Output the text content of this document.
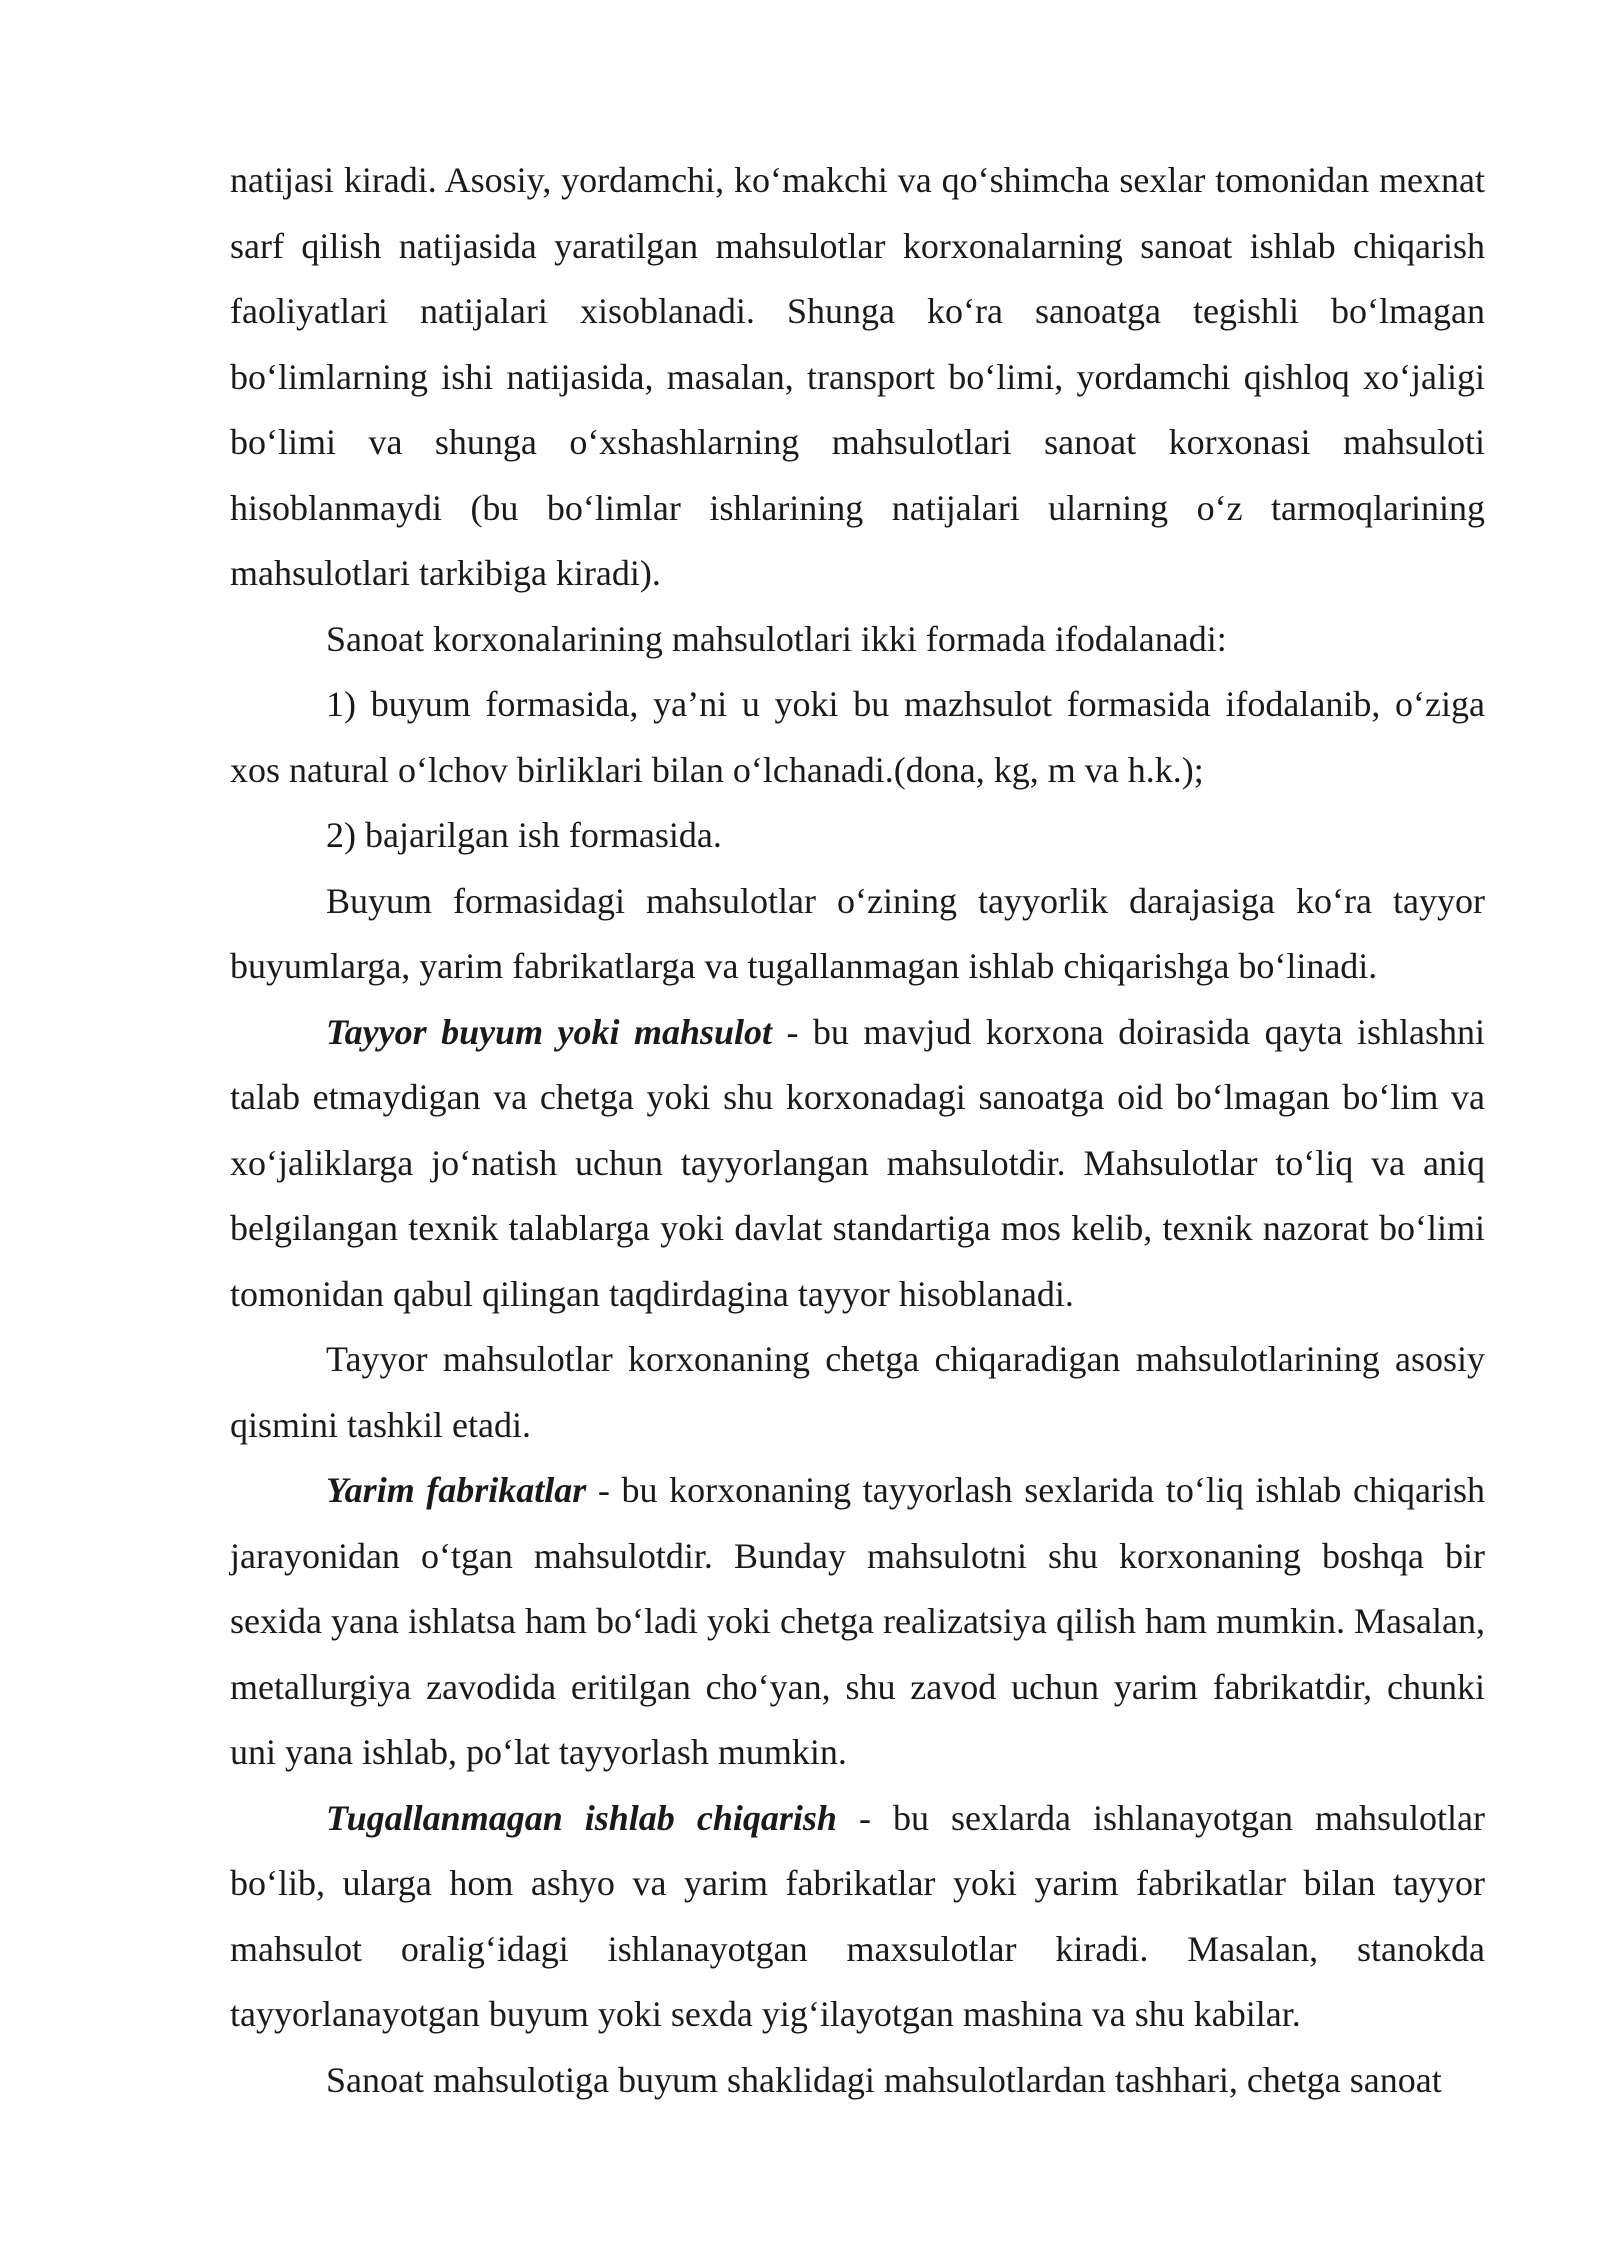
natijasi kiradi. Asosiy, yordamchi, ko‘makchi va qo‘shimcha sexlar tomonidan mexnat sarf qilish natijasida yaratilgan mahsulotlar korxonalarning sanoat ishlab chiqarish faoliyatlari natijalari xisoblanadi. Shunga ko‘ra sanoatga tegishli bo‘lmagan bo‘limlarning ishi natijasida, masalan, transport bo‘limi, yordamchi qishloq xo‘jaligi bo‘limi va shunga o‘xshashlarning mahsulotlari sanoat korxonasi mahsuloti hisoblanmaydi (bu bo‘limlar ishlarining natijalari ularning o‘z tarmoqlarining mahsulotlari tarkibiga kiradi).

Sanoat korxonalarining mahsulotlari ikki formada ifodalanadi:

1) buyum formasida, ya’ni u yoki bu mazhsulot formasida ifodalanib, o‘ziga xos natural o‘lchov birliklari bilan o‘lchanadi.(dona, kg, m va h.k.);

2) bajarilgan ish formasida.

Buyum formasidagi mahsulotlar o‘zining tayyorlik darajasiga ko‘ra tayyor buyumlarga, yarim fabrikatlarga va tugallanmagan ishlab chiqarishga bo‘linadi.

Tayyor buyum yoki mahsulot - bu mavjud korxona doirasida qayta ishlashni talab etmaydigan va chetga yoki shu korxonadagi sanoatga oid bo‘lmagan bo‘lim va xo‘jaliklarga jo‘natish uchun tayyorlangan mahsulotdir. Mahsulotlar to‘liq va aniq belgilangan texnik talablarga yoki davlat standartiga mos kelib, texnik nazorat bo‘limi tomonidan qabul qilingan taqdirdagina tayyor hisoblanadi.

Tayyor mahsulotlar korxonaning chetga chiqaradigan mahsulotlarining asosiy qismini tashkil etadi.

Yarim fabrikatlar - bu korxonaning tayyorlash sexlarida to‘liq ishlab chiqarish jarayonidan o‘tgan mahsulotdir. Bunday mahsulotni shu korxonaning boshqa bir sexida yana ishlatsa ham bo‘ladi yoki chetga realizatsiya qilish ham mumkin. Masalan, metallurgiya zavodida eritilgan cho‘yan, shu zavod uchun yarim fabrikatdir, chunki uni yana ishlab, po‘lat tayyorlash mumkin.

Tugallanmagan ishlab chiqarish - bu sexlarda ishlanayotgan mahsulotlar bo‘lib, ularga hom ashyo va yarim fabrikatlar yoki yarim fabrikatlar bilan tayyor mahsulot oralig‘idagi ishlanayotgan maxsulotlar kiradi. Masalan, stanokda tayyorlanayotgan buyum yoki sexda yig‘ilayotgan mashina va shu kabilar.

Sanoat mahsulotiga buyum shaklidagi mahsulotlardan tashhari, chetga sanoat
